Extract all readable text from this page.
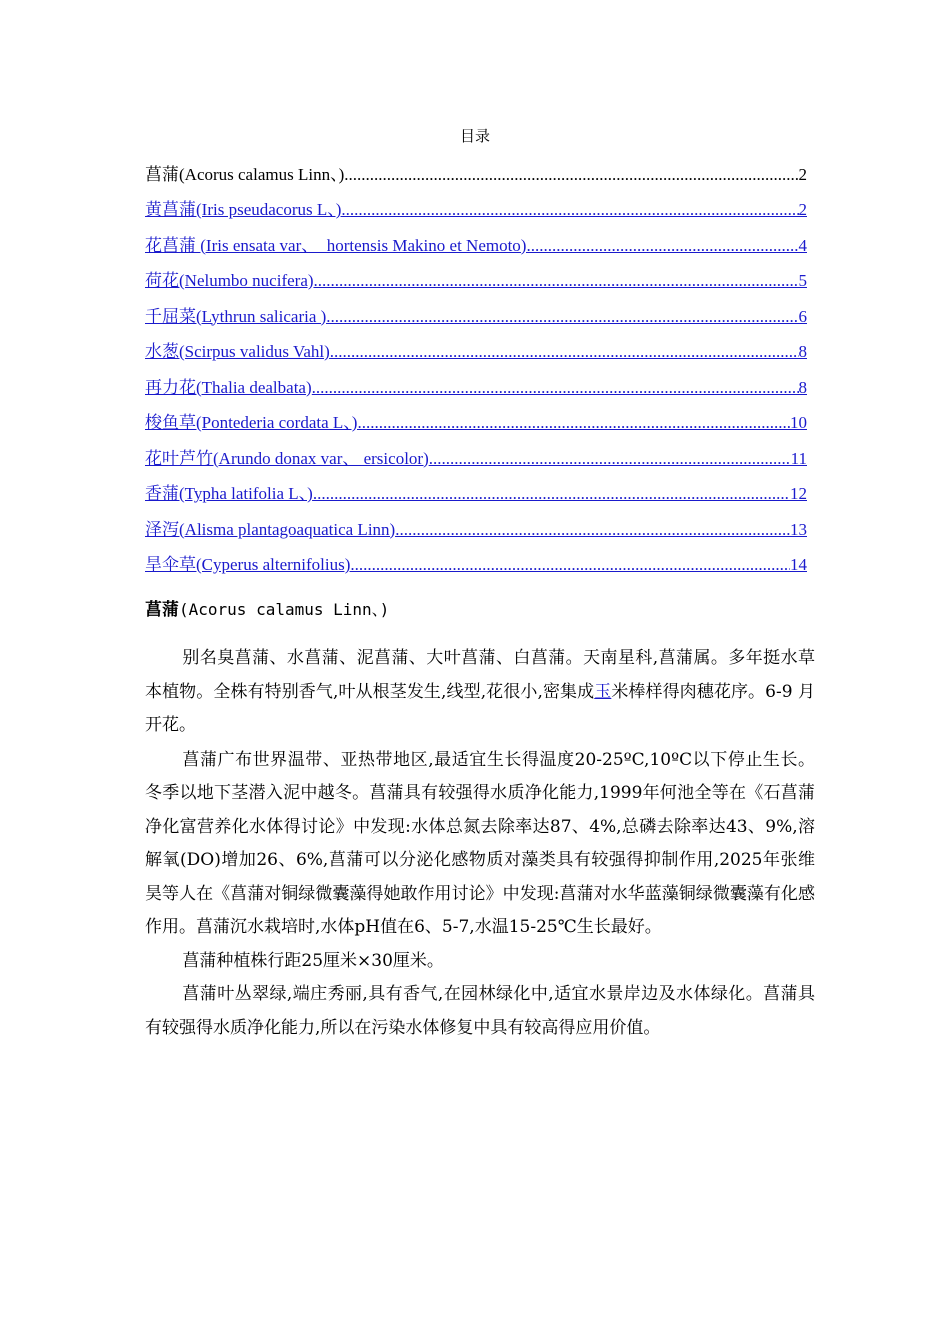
目录
菖蒲(Acorus calamus Linn、) .....	2
黄菖蒲(Iris pseudacorus L、) .....	2
花菖蒲 (Iris ensata var、　hortensis Makino et Nemoto) .....	4
荷花(Nelumbo nucifera) .....	5
千屈菜(Lythrun salicaria ) .....	6
水葱(Scirpus validus Vahl) .....	8
再力花(Thalia dealbata) .....	8
梭鱼草(Pontederia cordata L、) .....	10
花叶芦竹(Arundo donax var、 ersicolor) .....	11
香蒲(Typha latifolia L、) .....	12
泽泻(Alisma plantagoaquatica Linn) .....	13
旱伞草(Cyperus alternifolius) .....	14
菖蒲(Acorus calamus Linn、)

别名臭菖蒲、水菖蒲、泥菖蒲、大叶菖蒲、白菖蒲。天南星科,菖蒲属。多年挺水草本植物。全株有特别香气,叶从根茎发生,线型,花很小,密集成玉米棒样得肉穗花序。6-9 月开花。

菖蒲广布世界温带、亚热带地区,最适宜生长得温度20-25ºC,10ºC以下停止生长。冬季以地下茎潜入泥中越冬。菖蒲具有较强得水质净化能力,1999年何池全等在《石菖蒲净化富营养化水体得讨论》中发现:水体总氮去除率达87、4%,总磷去除率达43、9%,溶解氧(DO)增加26、6%,菖蒲可以分泌化感物质对藻类具有较强得抑制作用,2025年张维昊等人在《菖蒲对铜绿微囊藻得她敢作用讨论》中发现:菖蒲对水华蓝藻铜绿微囊藻有化感作用。菖蒲沉水栽培时,水体pH值在6、5-7,水温15-25℃生长最好。

菖蒲种植株行距25厘米×30厘米。

菖蒲叶丛翠绿,端庄秀丽,具有香气,在园林绿化中,适宜水景岸边及水体绿化。菖蒲具有较强得水质净化能力,所以在污染水体修复中具有较高得应用价值。
